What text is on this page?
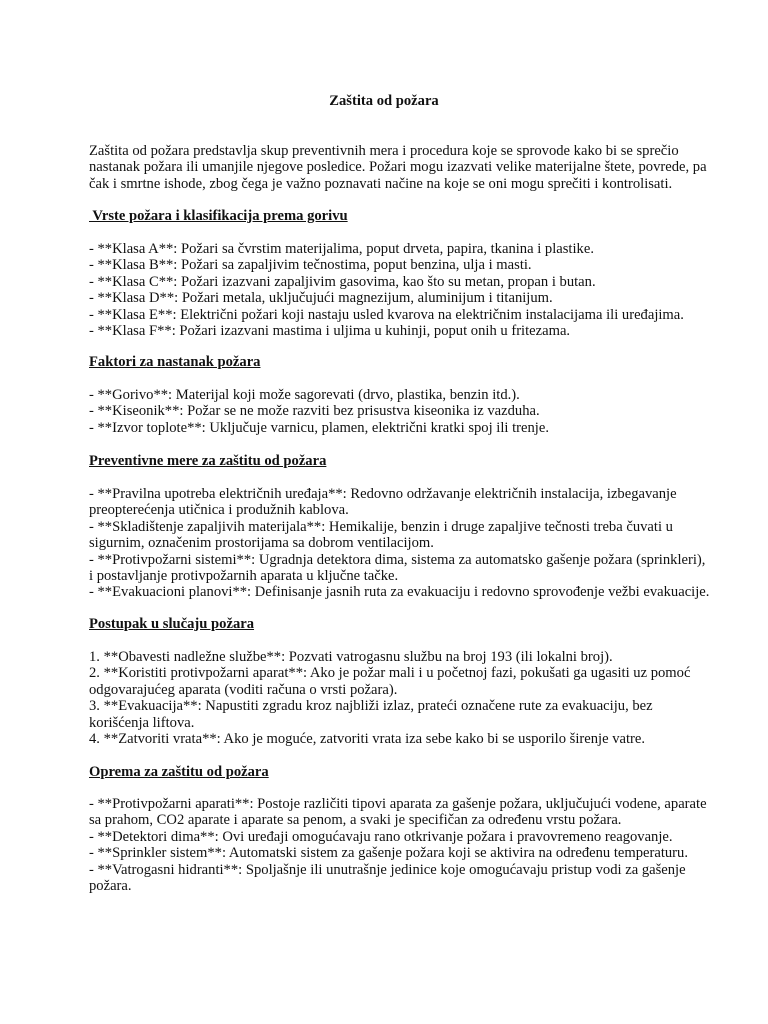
Zaštita od požara
Zaštita od požara predstavlja skup preventivnih mera i procedura koje se sprovode kako bi se sprečio
nastanak požara ili umanjile njegove posledice. Požari mogu izazvati velike materijalne štete, povrede, pa
čak i smrtne ishode, zbog čega je važno poznavati načine na koje se oni mogu sprečiti i kontrolisati.
Vrste požara i klasifikacija prema gorivu
- **Klasa A**: Požari sa čvrstim materijalima, poput drveta, papira, tkanina i plastike.
- **Klasa B**: Požari sa zapaljivim tečnostima, poput benzina, ulja i masti.
- **Klasa C**: Požari izazvani zapaljivim gasovima, kao što su metan, propan i butan.
- **Klasa D**: Požari metala, uključujući magnezijum, aluminijum i titanijum.
- **Klasa E**: Električni požari koji nastaju usled kvarova na električnim instalacijama ili uređajima.
- **Klasa F**: Požari izazvani mastima i uljima u kuhinji, poput onih u fritezama.
Faktori za nastanak požara
- **Gorivo**: Materijal koji može sagorevati (drvo, plastika, benzin itd.).
- **Kiseonik**: Požar se ne može razviti bez prisustva kiseonika iz vazduha.
- **Izvor toplote**: Uključuje varnicu, plamen, električni kratki spoj ili trenje.
Preventivne mere za zaštitu od požara
- **Pravilna upotreba električnih uređaja**: Redovno održavanje električnih instalacija, izbegavanje
preopterećenja utičnica i produžnih kablova.
- **Skladištenje zapaljivih materijala**: Hemikalije, benzin i druge zapaljive tečnosti treba čuvati u
sigurnim, označenim prostorijama sa dobrom ventilacijom.
- **Protivpožarni sistemi**: Ugradnja detektora dima, sistema za automatsko gašenje požara (sprinkleri),
i postavljanje protivpožarnih aparata u ključne tačke.
- **Evakuacioni planovi**: Definisanje jasnih ruta za evakuaciju i redovno sprovođenje vežbi evakuacije.
Postupak u slučaju požara
1. **Obavesti nadležne službe**: Pozvati vatrogasnu službu na broj 193 (ili lokalni broj).
2. **Koristiti protivpožarni aparat**: Ako je požar mali i u početnoj fazi, pokušati ga ugasiti uz pomoć
odgovarajućeg aparata (voditi računa o vrsti požara).
3. **Evakuacija**: Napustiti zgradu kroz najbliži izlaz, prateći označene rute za evakuaciju, bez
korišćenja liftova.
4. **Zatvoriti vrata**: Ako je moguće, zatvoriti vrata iza sebe kako bi se usporilo širenje vatre.
Oprema za zaštitu od požara
- **Protivpožarni aparati**: Postoje različiti tipovi aparata za gašenje požara, uključujući vodene, aparate
sa prahom, CO2 aparate i aparate sa penom, a svaki je specifičan za određenu vrstu požara.
- **Detektori dima**: Ovi uređaji omogućavaju rano otkrivanje požara i pravovremeno reagovanje.
- **Sprinkler sistem**: Automatski sistem za gašenje požara koji se aktivira na određenu temperaturu.
- **Vatrogasni hidranti**: Spoljašnje ili unutrašnje jedinice koje omogućavaju pristup vodi za gašenje
požara.
